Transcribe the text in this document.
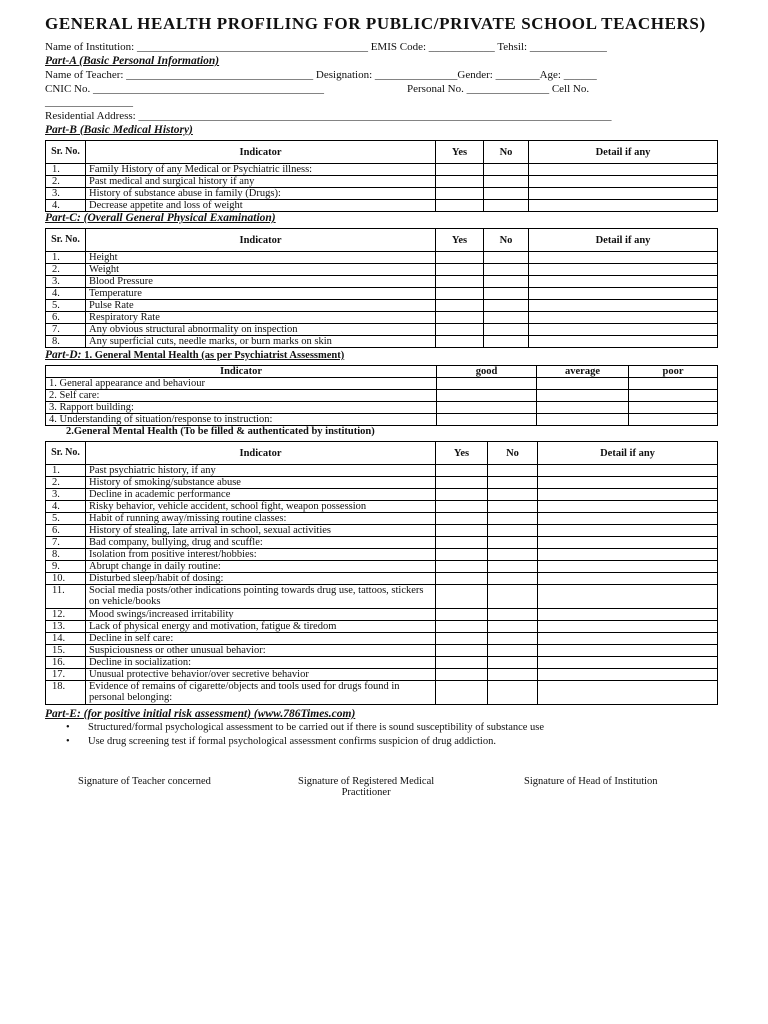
GENERAL HEALTH PROFILING FOR PUBLIC/PRIVATE SCHOOL TEACHERS)
Name of Institution: __________________________________________ EMIS Code: ____________ Tehsil: ______________
Part-A (Basic Personal Information)
Name of Teacher: __________________________________ Designation: _______________Gender: ________Age: ______
CNIC No. __________________________________________	Personal No. _______________ Cell No.
________________
Residential Address: ______________________________________________________________________________________
Part-B (Basic Medical History)
Sr. No.	Indicator	Yes	No	Detail if any
1.	Family History of any Medical or Psychiatric illness:			
2.	Past medical and surgical history if any			
3.	History of substance abuse in family (Drugs):			
4.	Decrease appetite and loss of weight			
Part-C: (Overall General Physical Examination)
Sr. No.	Indicator	Yes	No	Detail if any
1.	Height			
2.	Weight			
3.	Blood Pressure			
4.	Temperature			
5.	Pulse Rate			
6.	Respiratory Rate			
7.	Any obvious structural abnormality on inspection			
8.	Any superficial cuts, needle marks, or burn marks on skin			
Part-D: 1. General Mental Health (as per Psychiatrist Assessment)
Indicator	good	average	poor
1. General appearance and behaviour			
2. Self care:			
3. Rapport building:			
4. Understanding of situation/response to instruction:			
2.General Mental Health (To be filled & authenticated by institution)
Sr. No.	Indicator	Yes	No	Detail if any
1.	Past psychiatric history, if any			
2.	History of smoking/substance abuse			
3.	Decline in academic performance			
4.	Risky behavior, vehicle accident, school fight, weapon possession			
5.	Habit of running away/missing routine classes:			
6.	History of stealing, late arrival in school, sexual activities			
7.	Bad company, bullying, drug and scuffle:			
8.	Isolation from positive interest/hobbies:			
9.	Abrupt change in daily routine:			
10.	Disturbed sleep/habit of dosing:			
11.	Social media posts/other indications pointing towards drug use, tattoos, stickers on vehicle/books			
12.	Mood swings/increased irritability			
13.	Lack of physical energy and motivation, fatigue & tiredom			
14.	Decline in self care:			
15.	Suspiciousness or other unusual behavior:			
16.	Decline in socialization:			
17.	Unusual protective behavior/over secretive behavior			
18.	Evidence of remains of cigarette/objects and tools used for drugs found in personal belonging:			
Part-E: (for positive initial risk assessment) (www.786Times.com)
• Structured/formal psychological assessment to be carried out if there is sound susceptibility of substance use
• Use drug screening test if formal psychological assessment confirms suspicion of drug addiction.
Signature of Teacher concerned	Signature of Registered Medical
Practitioner
Signature of Head of Institution
